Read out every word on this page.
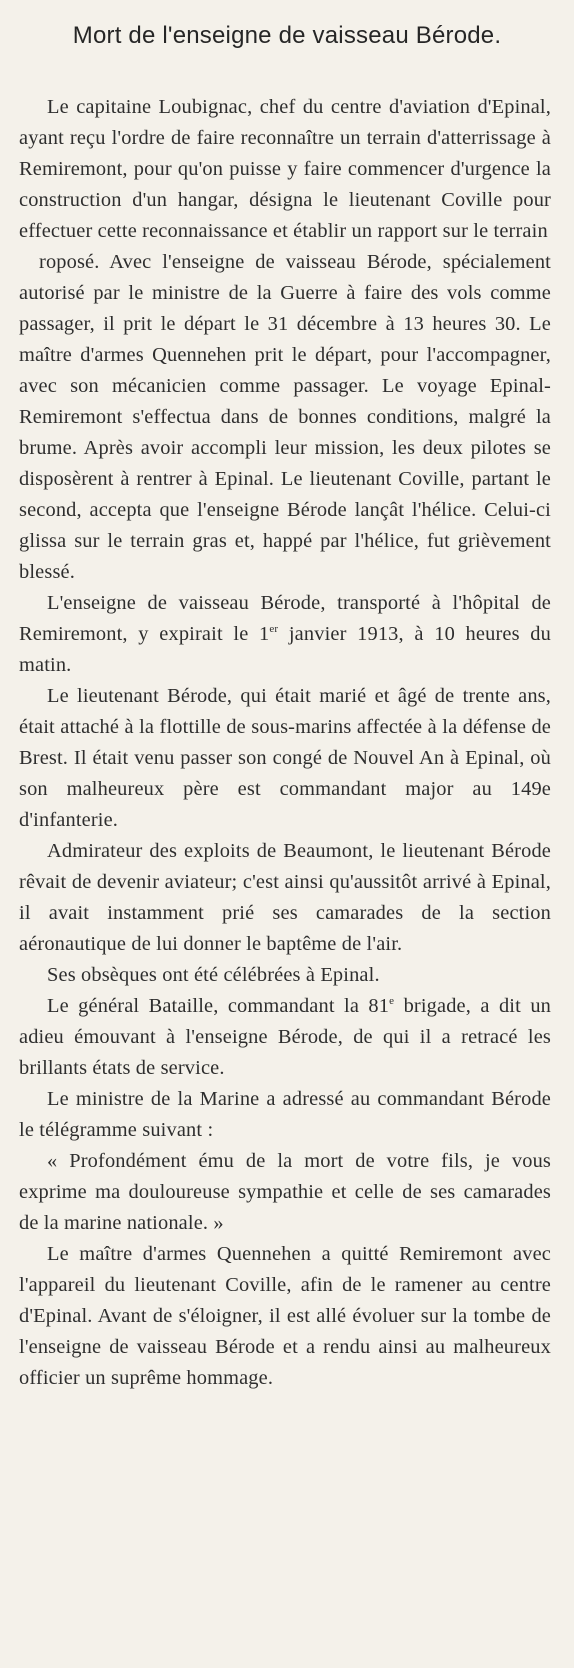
Mort de l'enseigne de vaisseau Bérode.

Le capitaine Loubignac, chef du centre d'aviation d'Epinal, ayant reçu l'ordre de faire reconnaître un terrain d'atterrissage à Remiremont, pour qu'on puisse y faire commencer d'urgence la construction d'un hangar, désigna le lieutenant Coville pour effectuer cette reconnaissance et établir un rapport sur le terrain

roposé. Avec l'enseigne de vaisseau Bérode, spécialement autorisé par le ministre de la Guerre à faire des vols comme passager, il prit le départ le 31 décembre à 13 heures 30. Le maître d'armes Quennehen prit le départ, pour l'accompagner, avec son mécanicien comme passager. Le voyage Epinal-Remiremont s'effectua dans de bonnes conditions, malgré la brume. Après avoir accompli leur mission, les deux pilotes se disposèrent à rentrer à Epinal. Le lieutenant Coville, partant le second, accepta que l'enseigne Bérode lançât l'hélice. Celui-ci glissa sur le terrain gras et, happé par l'hélice, fut grièvement blessé.

L'enseigne de vaisseau Bérode, transporté à l'hôpital de Remiremont, y expirait le 1er janvier 1913, à 10 heures du matin.

Le lieutenant Bérode, qui était marié et âgé de trente ans, était attaché à la flottille de sous-marins affectée à la défense de Brest. Il était venu passer son congé de Nouvel An à Epinal, où son malheureux père est commandant major au 149e d'infanterie.

Admirateur des exploits de Beaumont, le lieutenant Bérode rêvait de devenir aviateur; c'est ainsi qu'aussitôt arrivé à Epinal, il avait instamment prié ses camarades de la section aéronautique de lui donner le baptême de l'air.

Ses obsèques ont été célébrées à Epinal.

Le général Bataille, commandant la 81e brigade, a dit un adieu émouvant à l'enseigne Bérode, de qui il a retracé les brillants états de service.

Le ministre de la Marine a adressé au commandant Bérode le télégramme suivant :

« Profondément ému de la mort de votre fils, je vous exprime ma douloureuse sympathie et celle de ses camarades de la marine nationale. »

Le maître d'armes Quennehen a quitté Remiremont avec l'appareil du lieutenant Coville, afin de le ramener au centre d'Epinal. Avant de s'éloigner, il est allé évoluer sur la tombe de l'enseigne de vaisseau Bérode et a rendu ainsi au malheureux officier un suprême hommage.
